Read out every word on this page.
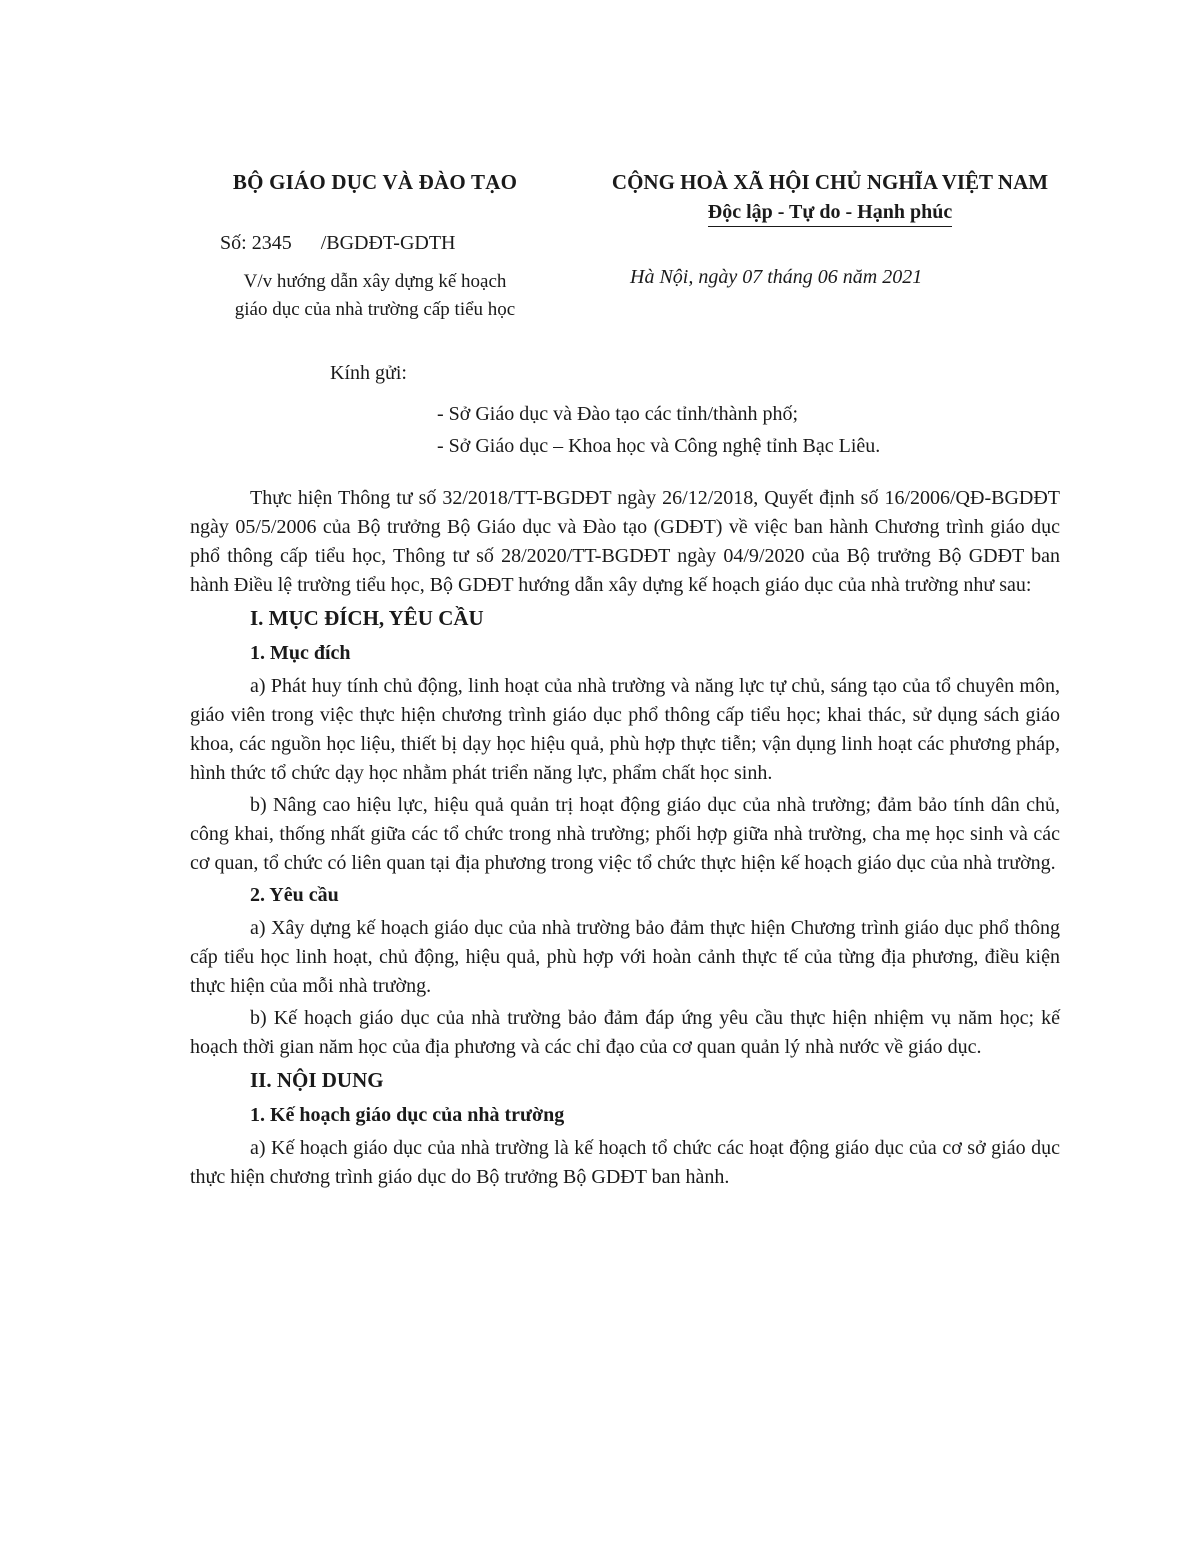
BỘ GIÁO DỤC VÀ ĐÀO TẠO
Số: 2345 /BGDĐT-GDTH
V/v hướng dẫn xây dựng kế hoạch
giáo dục của nhà trường cấp tiểu học
CỘNG HOÀ XÃ HỘI CHỦ NGHĨA VIỆT NAM
Độc lập - Tự do - Hạnh phúc
Hà Nội, ngày 07 tháng 06 năm 2021
Kính gửi:
- Sở Giáo dục và Đào tạo các tỉnh/thành phố;
- Sở Giáo dục – Khoa học và Công nghệ tỉnh Bạc Liêu.

Thực hiện Thông tư số 32/2018/TT-BGDĐT ngày 26/12/2018, Quyết định số 16/2006/QĐ-BGDĐT ngày 05/5/2006 của Bộ trưởng Bộ Giáo dục và Đào tạo (GDĐT) về việc ban hành Chương trình giáo dục phổ thông cấp tiểu học, Thông tư số 28/2020/TT-BGDĐT ngày 04/9/2020 của Bộ trưởng Bộ GDĐT ban hành Điều lệ trường tiểu học, Bộ GDĐT hướng dẫn xây dựng kế hoạch giáo dục của nhà trường như sau:

I. MỤC ĐÍCH, YÊU CẦU
1. Mục đích

a) Phát huy tính chủ động, linh hoạt của nhà trường và năng lực tự chủ, sáng tạo của tổ chuyên môn, giáo viên trong việc thực hiện chương trình giáo dục phổ thông cấp tiểu học; khai thác, sử dụng sách giáo khoa, các nguồn học liệu, thiết bị dạy học hiệu quả, phù hợp thực tiễn; vận dụng linh hoạt các phương pháp, hình thức tổ chức dạy học nhằm phát triển năng lực, phẩm chất học sinh.

b) Nâng cao hiệu lực, hiệu quả quản trị hoạt động giáo dục của nhà trường; đảm bảo tính dân chủ, công khai, thống nhất giữa các tổ chức trong nhà trường; phối hợp giữa nhà trường, cha mẹ học sinh và các cơ quan, tổ chức có liên quan tại địa phương trong việc tổ chức thực hiện kế hoạch giáo dục của nhà trường.

2. Yêu cầu

a) Xây dựng kế hoạch giáo dục của nhà trường bảo đảm thực hiện Chương trình giáo dục phổ thông cấp tiểu học linh hoạt, chủ động, hiệu quả, phù hợp với hoàn cảnh thực tế của từng địa phương, điều kiện thực hiện của mỗi nhà trường.

b) Kế hoạch giáo dục của nhà trường bảo đảm đáp ứng yêu cầu thực hiện nhiệm vụ năm học; kế hoạch thời gian năm học của địa phương và các chỉ đạo của cơ quan quản lý nhà nước về giáo dục.

II. NỘI DUNG
1. Kế hoạch giáo dục của nhà trường

a) Kế hoạch giáo dục của nhà trường là kế hoạch tổ chức các hoạt động giáo dục của cơ sở giáo dục thực hiện chương trình giáo dục do Bộ trưởng Bộ GDĐT ban hành.
